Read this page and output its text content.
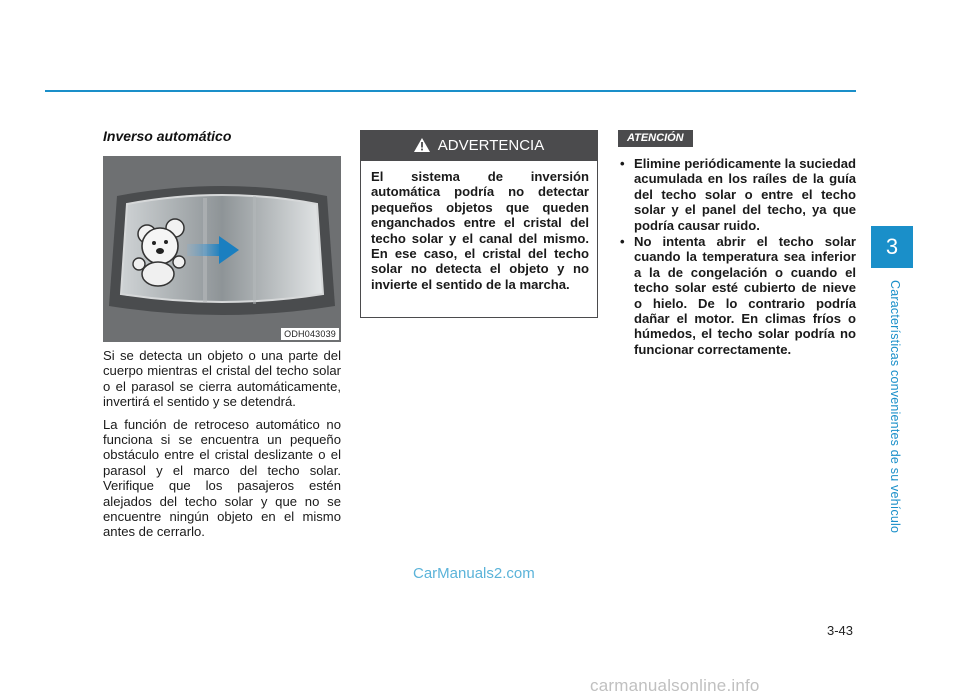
3
Características convenientes de su vehículo
Inverso automático
ODH043039

Si se detecta un objeto o una parte del cuerpo mientras el cristal del techo solar o el parasol se cierra automáticamente, invertirá el sentido y se detendrá.

La función de retroceso automático no funciona si se encuentra un pequeño obstáculo entre el cristal deslizante o el parasol y el marco del techo solar. Verifique que los pasajeros estén alejados del techo solar y que no se encuentre ningún objeto en el mismo antes de cerrarlo.

ADVERTENCIA
El sistema de inversión automática podría no detectar pequeños objetos que queden enganchados entre el cristal del techo solar y el canal del mismo. En ese caso, el cristal del techo solar no detecta el objeto y no invierte el sentido de la marcha.
ATENCIÓN
• Elimine periódicamente la suciedad acumulada en los raíles de la guía del techo solar o entre el techo solar y el panel del techo, ya que podría causar ruido.
• No intenta abrir el techo solar cuando la temperatura sea inferior a la de congelación o cuando el techo solar esté cubierto de nieve o hielo. De lo contrario podría dañar el motor. En climas fríos o húmedos, el techo solar podría no funcionar correctamente.
CarManuals2.com
3-43
carmanualsonline.info
